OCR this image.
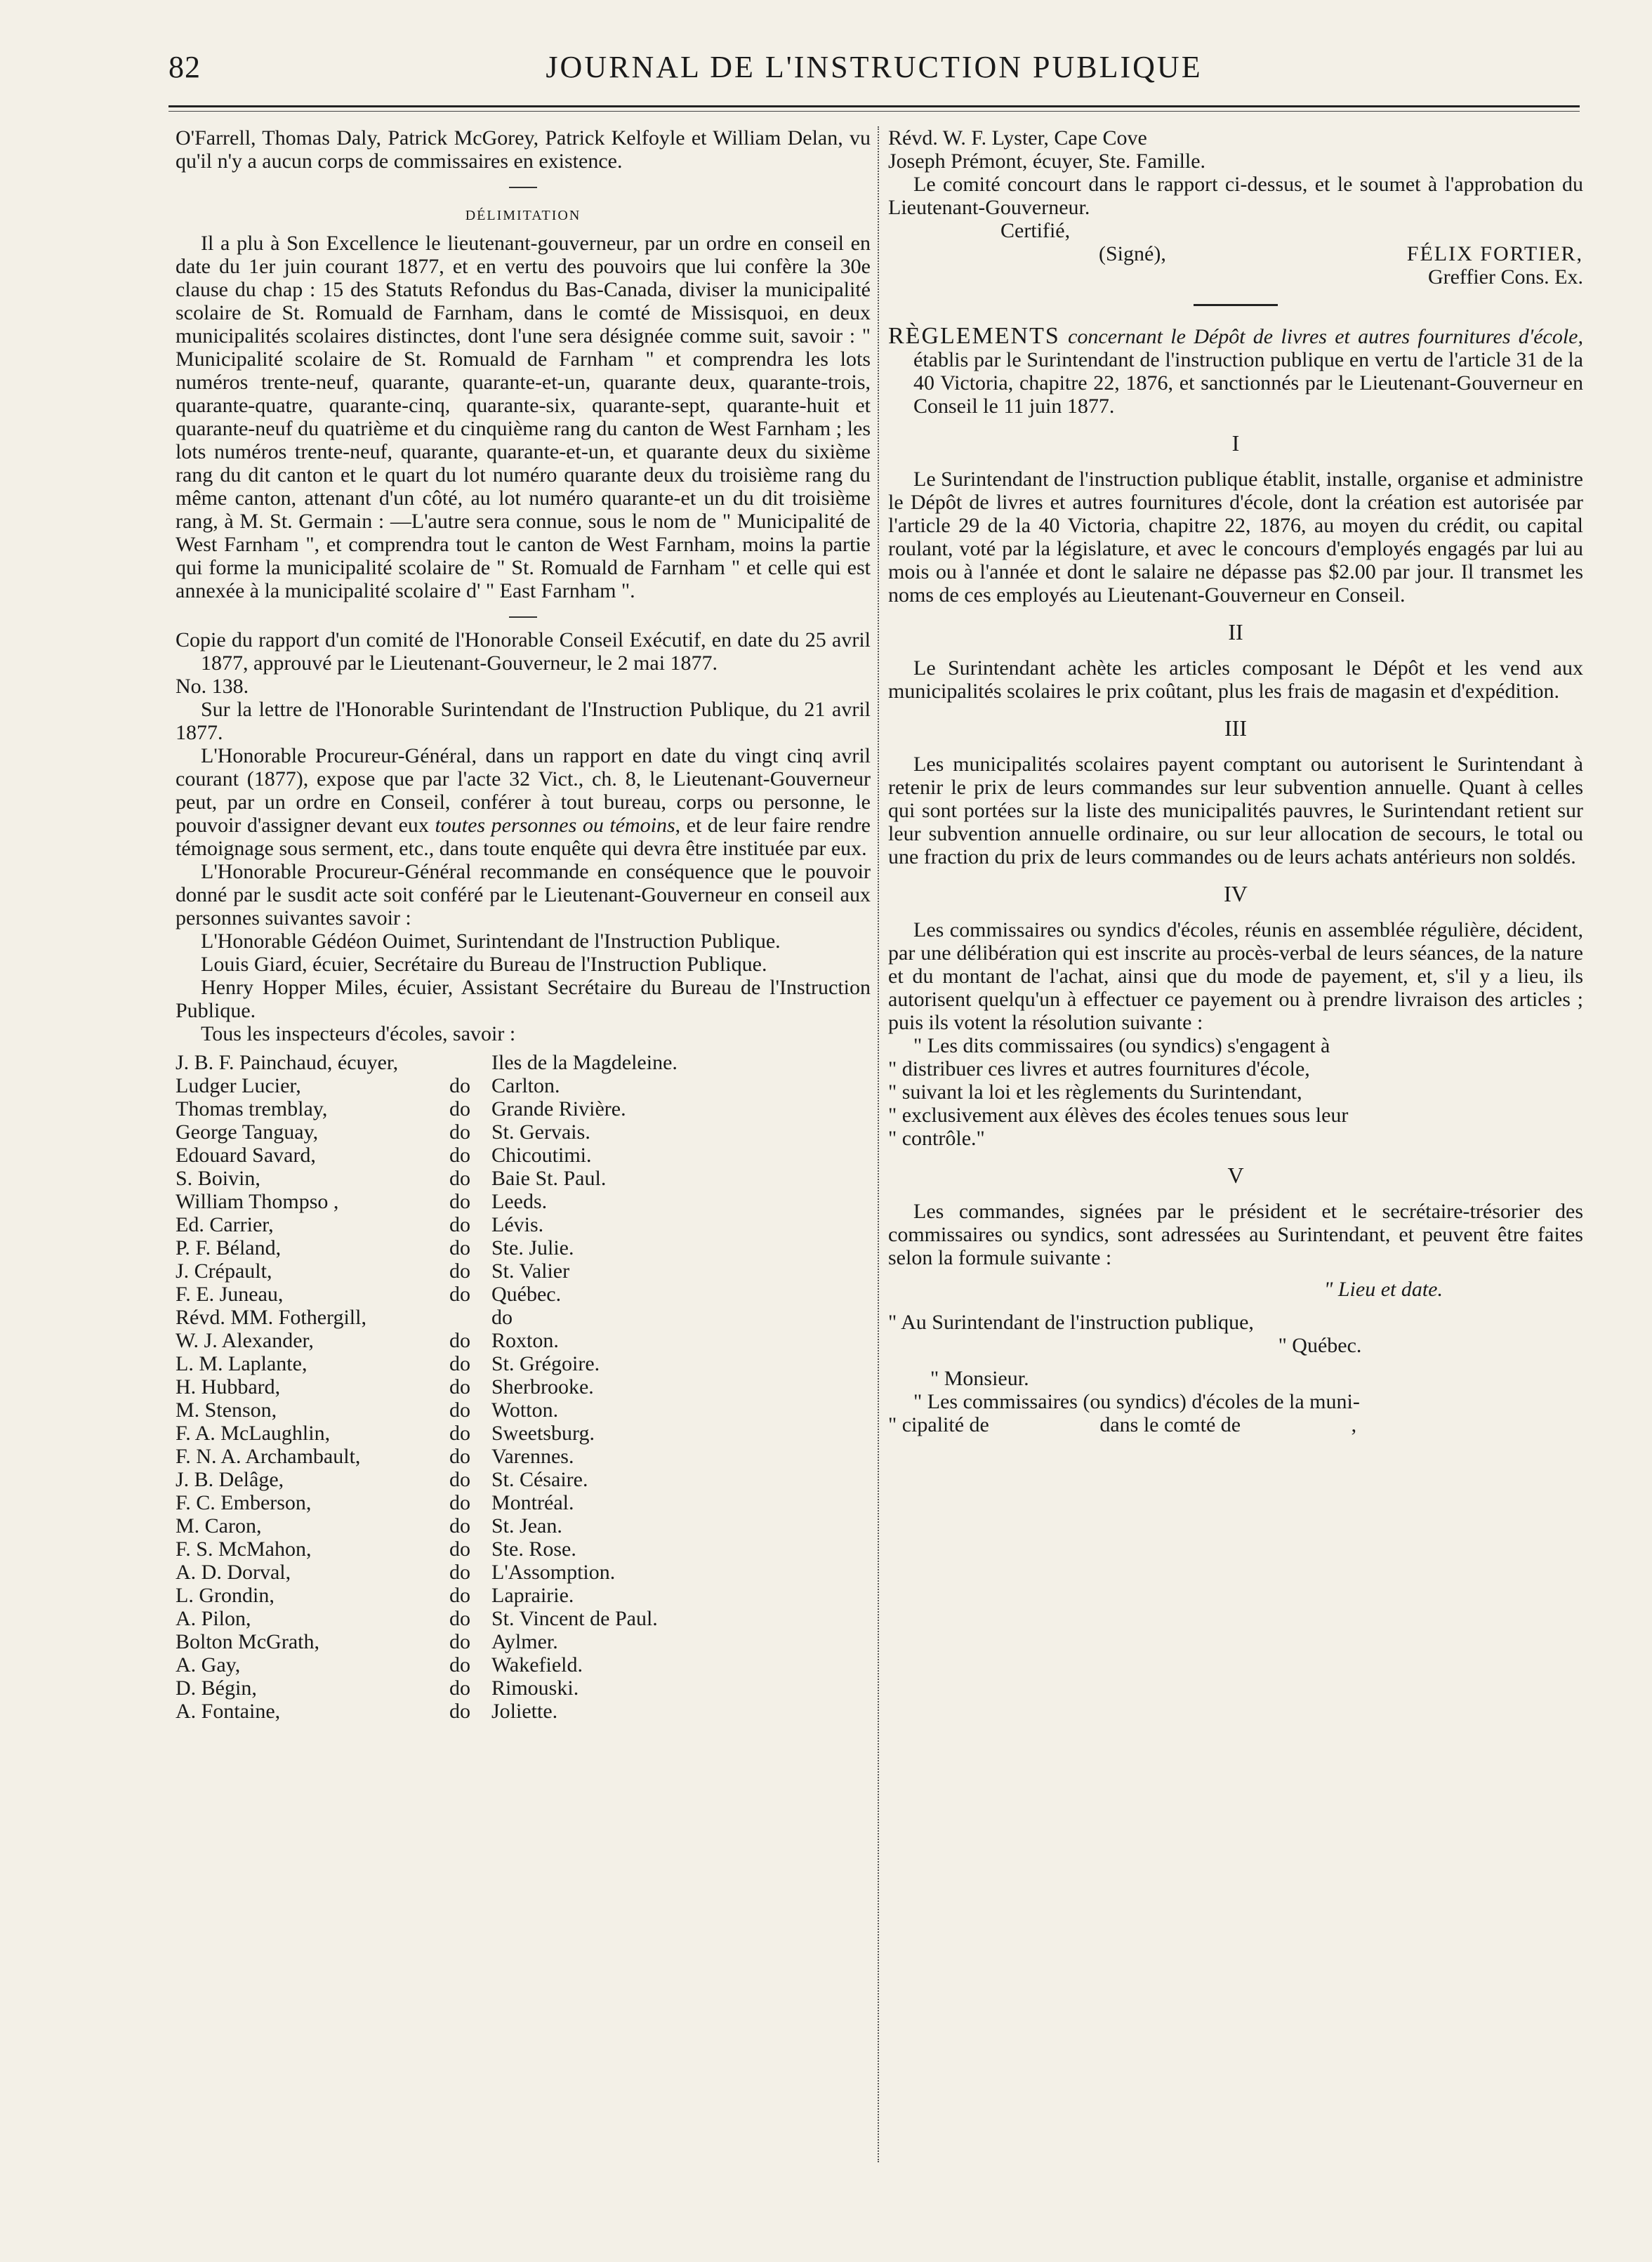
82	JOURNAL DE L'INSTRUCTION PUBLIQUE

O'Farrell, Thomas Daly, Patrick McGorey, Patrick Kelfoyle et William Delan, vu qu'il n'y a aucun corps de commissaires en existence.

DÉLIMITATION

Il a plu à Son Excellence le lieutenant-gouverneur, par un ordre en conseil en date du 1er juin courant 1877, et en vertu des pouvoirs que lui confère la 30e clause du chap : 15 des Statuts Refondus du Bas-Canada, diviser la municipalité scolaire de St. Romuald de Farnham, dans le comté de Missisquoi, en deux municipalités scolaires distinctes, dont l'une sera désignée comme suit, savoir : " Municipalité scolaire de St. Romuald de Farnham " et comprendra les lots numéros trente-neuf, quarante, quarante-et-un, quarante deux, quarante-trois, quarante-quatre, quarante-cinq, quarante-six, quarante-sept, quarante-huit et quarante-neuf du quatrième et du cinquième rang du canton de West Farnham ; les lots numéros trente-neuf, quarante, quarante-et-un, et quarante deux du sixième rang du dit canton et le quart du lot numéro quarante deux du troisième rang du même canton, attenant d'un côté, au lot numéro quarante-et un du dit troisième rang, à M. St. Germain : —L'autre sera connue, sous le nom de " Municipalité de West Farnham ", et comprendra tout le canton de West Farnham, moins la partie qui forme la municipalité scolaire de " St. Romuald de Farnham " et celle qui est annexée à la municipalité scolaire d' " East Farnham ".

Copie du rapport d'un comité de l'Honorable Conseil Exécutif, en date du 25 avril 1877, approuvé par le Lieutenant-Gouverneur, le 2 mai 1877.

No. 138.

Sur la lettre de l'Honorable Surintendant de l'Instruction Publique, du 21 avril 1877.

L'Honorable Procureur-Général, dans un rapport en date du vingt cinq avril courant (1877), expose que par l'acte 32 Vict., ch. 8, le Lieutenant-Gouverneur peut, par un ordre en Conseil, conférer à tout bureau, corps ou personne, le pouvoir d'assigner devant eux toutes personnes ou témoins, et de leur faire rendre témoignage sous serment, etc., dans toute enquête qui devra être instituée par eux.

L'Honorable Procureur-Général recommande en conséquence que le pouvoir donné par le susdit acte soit conféré par le Lieutenant-Gouverneur en conseil aux personnes suivantes savoir :

L'Honorable Gédéon Ouimet, Surintendant de l'Instruction Publique.

Louis Giard, écuier, Secrétaire du Bureau de l'Instruction Publique.

Henry Hopper Miles, écuier, Assistant Secrétaire du Bureau de l'Instruction Publique.

Tous les inspecteurs d'écoles, savoir :

J. B. F. Painchaud, écuyer,		Iles de la Magdeleine.
Ludger Lucier,	do	Carlton.
Thomas tremblay,	do	Grande Rivière.
George Tanguay,	do	St. Gervais.
Edouard Savard,	do	Chicoutimi.
S. Boivin,	do	Baie St. Paul.
William Thompso ,	do	Leeds.
Ed. Carrier,	do	Lévis.
P. F. Béland,	do	Ste. Julie.
J. Crépault,	do	St. Valier
F. E. Juneau,	do	Québec.
Révd. MM. Fothergill,		do
W. J. Alexander,	do	Roxton.
L. M. Laplante,	do	St. Grégoire.
H. Hubbard,	do	Sherbrooke.
M. Stenson,	do	Wotton.
F. A. McLaughlin,	do	Sweetsburg.
F. N. A. Archambault,	do	Varennes.
J. B. Delâge,	do	St. Césaire.
F. C. Emberson,	do	Montréal.
M. Caron,	do	St. Jean.
F. S. McMahon,	do	Ste. Rose.
A. D. Dorval,	do	L'Assomption.
L. Grondin,	do	Laprairie.
A. Pilon,	do	St. Vincent de Paul.
Bolton McGrath,	do	Aylmer.
A. Gay,	do	Wakefield.
D. Bégin,	do	Rimouski.
A. Fontaine,	do	Joliette.

Révd. W. F. Lyster, Cape Cove

Joseph Prémont, écuyer, Ste. Famille.

Le comité concourt dans le rapport ci-dessus, et le soumet à l'approbation du Lieutenant-Gouverneur.

Certifié,

(Signé),	FÉLIX FORTIER,

Greffier Cons. Ex.

RÈGLEMENTS concernant le Dépôt de livres et autres fournitures d'école, établis par le Surintendant de l'instruction publique en vertu de l'article 31 de la 40 Victoria, chapitre 22, 1876, et sanctionnés par le Lieutenant-Gouverneur en Conseil le 11 juin 1877.

I

Le Surintendant de l'instruction publique établit, installe, organise et administre le Dépôt de livres et autres fournitures d'école, dont la création est autorisée par l'article 29 de la 40 Victoria, chapitre 22, 1876, au moyen du crédit, ou capital roulant, voté par la législature, et avec le concours d'employés engagés par lui au mois ou à l'année et dont le salaire ne dépasse pas $2.00 par jour. Il transmet les noms de ces employés au Lieutenant-Gouverneur en Conseil.

II

Le Surintendant achète les articles composant le Dépôt et les vend aux municipalités scolaires le prix coûtant, plus les frais de magasin et d'expédition.

III

Les municipalités scolaires payent comptant ou autorisent le Surintendant à retenir le prix de leurs commandes sur leur subvention annuelle. Quant à celles qui sont portées sur la liste des municipalités pauvres, le Surintendant retient sur leur subvention annuelle ordinaire, ou sur leur allocation de secours, le total ou une fraction du prix de leurs commandes ou de leurs achats antérieurs non soldés.

IV

Les commissaires ou syndics d'écoles, réunis en assemblée régulière, décident, par une délibération qui est inscrite au procès-verbal de leurs séances, de la nature et du montant de l'achat, ainsi que du mode de payement, et, s'il y a lieu, ils autorisent quelqu'un à effectuer ce payement ou à prendre livraison des articles ; puis ils votent la résolution suivante :

" Les dits commissaires (ou syndics) s'engagent à

" distribuer ces livres et autres fournitures d'école,

" suivant la loi et les règlements du Surintendant,

" exclusivement aux élèves des écoles tenues sous leur

" contrôle."

V

Les commandes, signées par le président et le secrétaire-trésorier des commissaires ou syndics, sont adressées au Surintendant, et peuvent être faites selon la formule suivante :

" Lieu et date.

" Au Surintendant de l'instruction publique,

" Québec.

" Monsieur.

" Les commissaires (ou syndics) d'écoles de la muni-

" cipalité de                     dans le comté de                     ,
